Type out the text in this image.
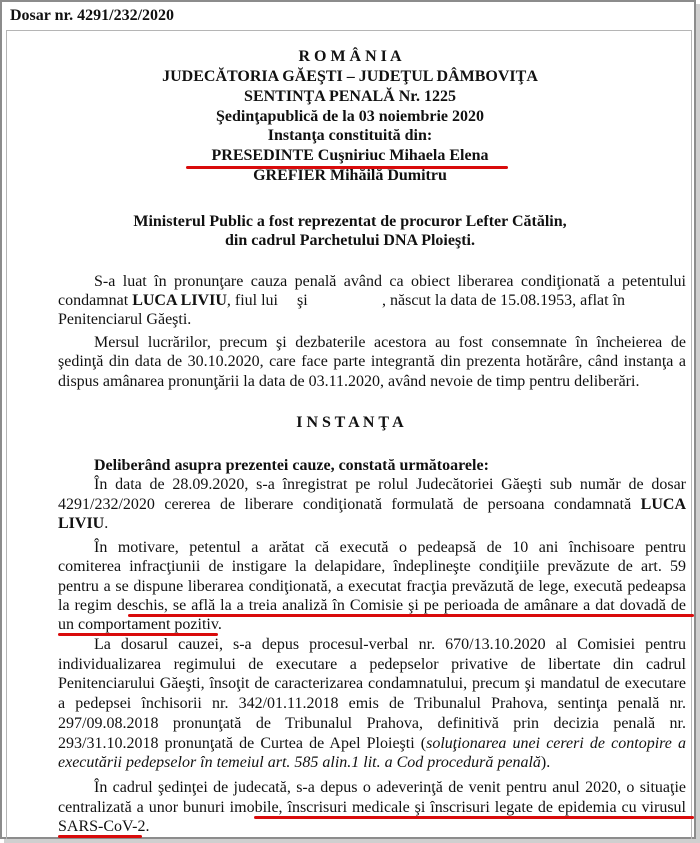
Dosar nr. 4291/232/2020
R O M Â N I A
JUDECĂTORIA GĂEŞTI – JUDEŢUL DÂMBOVIŢA
SENTINŢA PENALĂ Nr. 1225
Şedinţapublică de la 03 noiembrie 2020
Instanţa constituită din:
PRESEDINTE Cuşniriuc Mihaela Elena
GREFIER Mihăilă Dumitru
Ministerul Public a fost reprezentat de procuror Lefter Cătălin,
din cadrul Parchetului DNA Ploieşti.
S-a luat în pronunţare cauza penală având ca obiect liberarea condiţionată a petentului
condamnat LUCA LIVIU, fiul lui şi	, născut la data de 15.08.1953, aflat în
Penitenciarul Găeşti.
Mersul lucrărilor, precum şi dezbaterile acestora au fost consemnate în încheierea de
şedinţă din data de 30.10.2020, care face parte integrantă din prezenta hotărâre, când instanţa a
dispus amânarea pronunţării la data de 03.11.2020, având nevoie de timp pentru deliberări.
I N S T A N Ţ A
Deliberând asupra prezentei cauze, constată următoarele:
În data de 28.09.2020, s-a înregistrat pe rolul Judecătoriei Găeşti sub număr de dosar
4291/232/2020 cererea de liberare condiţionată formulată de persoana condamnată LUCA
LIVIU.
În motivare, petentul a arătat că execută o pedeapsă de 10 ani închisoare pentru
comiterea infracţiunii de instigare la delapidare, îndeplineşte condiţiile prevăzute de art. 59
pentru a se dispune liberarea condiţionată, a executat fracţia prevăzută de lege, execută pedeapsa
la regim deschis, se află la a treia analiză în Comisie şi pe perioada de amânare a dat dovadă de
un comportament pozitiv.
La dosarul cauzei, s-a depus procesul-verbal nr. 670/13.10.2020 al Comisiei pentru
individualizarea regimului de executare a pedepselor privative de libertate din cadrul
Penitenciarului Găeşti, însoţit de caracterizarea condamnatului, precum şi mandatul de executare
a pedepsei închisorii nr. 342/01.11.2018 emis de Tribunalul Prahova, sentinţa penală nr.
297/09.08.2018 pronunţată de Tribunalul Prahova, definitivă prin decizia penală nr.
293/31.10.2018 pronunţată de Curtea de Apel Ploieşti (soluţionarea unei cereri de contopire a
executării pedepselor în temeiul art. 585 alin.1 lit. a Cod procedură penală).
În cadrul şedinţei de judecată, s-a depus o adeverinţă de venit pentru anul 2020, o situaţie
centralizată a unor bunuri imobile, înscrisuri medicale şi înscrisuri legate de epidemia cu virusul
SARS-CoV-2.
